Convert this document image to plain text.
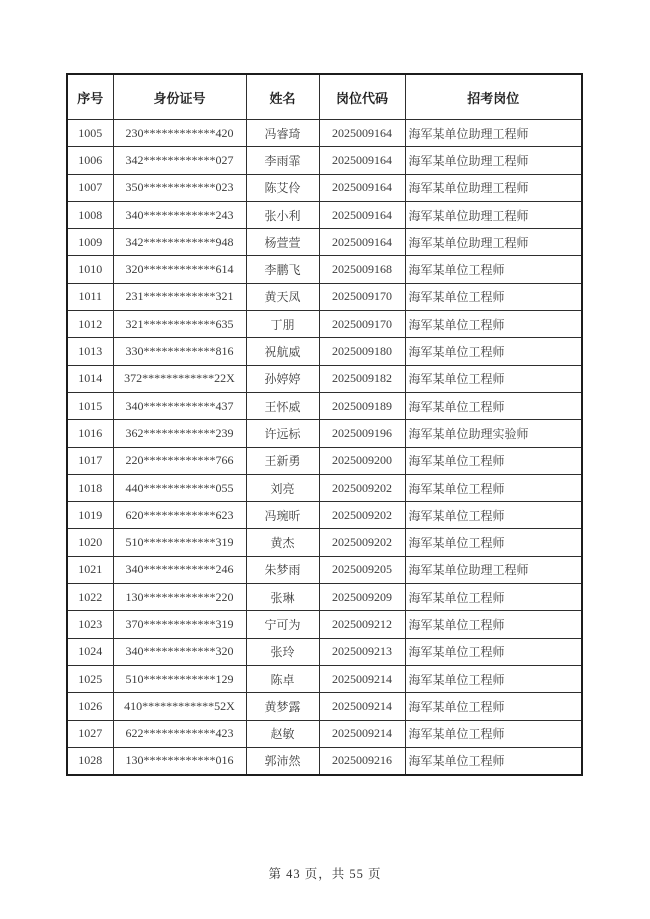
序号	身份证号	姓名	岗位代码	招考岗位
1005	230************420	冯睿琦	2025009164	海军某单位助理工程师
1006	342************027	李雨霏	2025009164	海军某单位助理工程师
1007	350************023	陈艾伶	2025009164	海军某单位助理工程师
1008	340************243	张小利	2025009164	海军某单位助理工程师
1009	342************948	杨萱萱	2025009164	海军某单位助理工程师
1010	320************614	李鹏飞	2025009168	海军某单位工程师
1011	231************321	黄天凤	2025009170	海军某单位工程师
1012	321************635	丁朋	2025009170	海军某单位工程师
1013	330************816	祝航威	2025009180	海军某单位工程师
1014	372************22X	孙婷婷	2025009182	海军某单位工程师
1015	340************437	王怀威	2025009189	海军某单位工程师
1016	362************239	许远标	2025009196	海军某单位助理实验师
1017	220************766	王新勇	2025009200	海军某单位工程师
1018	440************055	刘亮	2025009202	海军某单位工程师
1019	620************623	冯琬昕	2025009202	海军某单位工程师
1020	510************319	黄杰	2025009202	海军某单位工程师
1021	340************246	朱梦雨	2025009205	海军某单位助理工程师
1022	130************220	张琳	2025009209	海军某单位工程师
1023	370************319	宁可为	2025009212	海军某单位工程师
1024	340************320	张玲	2025009213	海军某单位工程师
1025	510************129	陈卓	2025009214	海军某单位工程师
1026	410************52X	黄梦露	2025009214	海军某单位工程师
1027	622************423	赵敏	2025009214	海军某单位工程师
1028	130************016	郭沛然	2025009216	海军某单位工程师
第 43 页，共 55 页
